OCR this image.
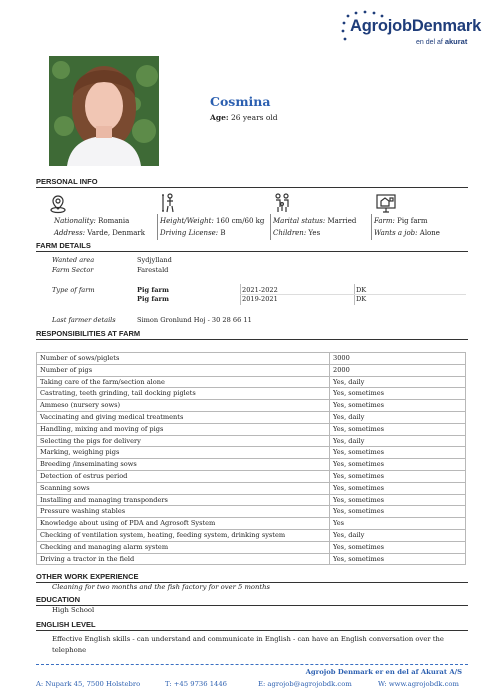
AgrojobDenmark
en del af akurat
Cosmina
Age: 26 years old
PERSONAL INFO
Nationality: Romania
Address: Varde, Denmark
Height/Weight: 160 cm/60 kg
Driving License: B
Marital status: Married
Children: Yes
Farm: Pig farm
Wants a job: Alone
FARM DETAILS
Wanted area	Sydjylland
Farm Sector	Farestald
Type of farm	Pig farm	2021-2022	DK
Pig farm	2019-2021	DK
Last farmer details	Simon Gronlund Hoj - 30 28 66 11
RESPONSIBILITIES AT FARM
Number of sows/piglets	3000
Number of pigs	2000
Taking care of the farm/section alone	Yes, daily
Castrating, teeth grinding, tail docking piglets	Yes, sometimes
Ammeso (nursery sows)	Yes, sometimes
Vaccinating and giving medical treatments	Yes, daily
Handling, mixing and moving of pigs	Yes, sometimes
Selecting the pigs for delivery	Yes, daily
Marking, weighing pigs	Yes, sometimes
Breeding /inseminating sows	Yes, sometimes
Detection of estrus period	Yes, sometimes
Scanning sows	Yes, sometimes
Installing and managing transponders	Yes, sometimes
Pressure washing stables	Yes, sometimes
Knowledge about using of PDA and Agrosoft System	Yes
Checking of ventilation system, heating, feeding system, drinking system	Yes, daily
Checking and managing alarm system	Yes, sometimes
Driving a tractor in the field	Yes, sometimes
OTHER WORK EXPERIENCE
Cleaning for two months and the fish factory for over 5 months
EDUCATION
High School
ENGLISH LEVEL
Effective English skills - can understand and communicate in English - can have an English conversation over the telephone
Agrojob Denmark er en del af Akurat A/S
A: Nupark 45, 7500 Holstebro	T: +45 9736 1446	E: agrojob@agrojobdk.com	W: www.agrojobdk.com
